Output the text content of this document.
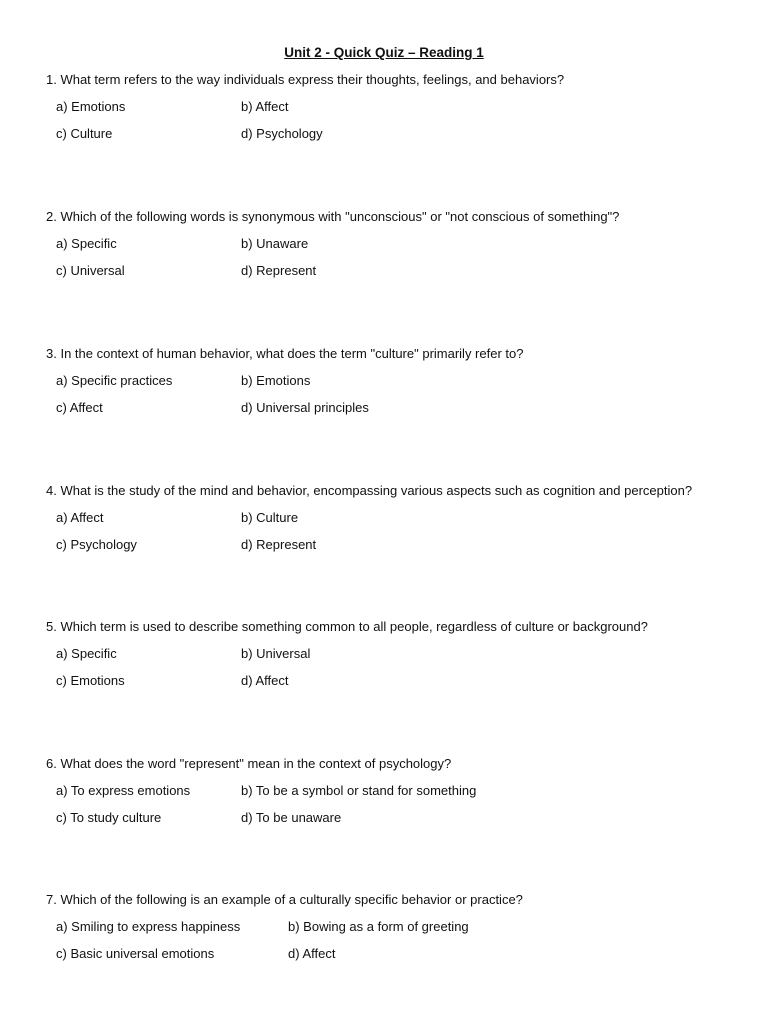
Unit 2 - Quick Quiz – Reading 1
1. What term refers to the way individuals express their thoughts, feelings, and behaviors?
a) Emotions	b) Affect
c) Culture	d) Psychology
2. Which of the following words is synonymous with "unconscious" or "not conscious of something"?
a) Specific	b) Unaware
c) Universal	d) Represent
3. In the context of human behavior, what does the term "culture" primarily refer to?
a) Specific practices	b) Emotions
c) Affect	d) Universal principles
4. What is the study of the mind and behavior, encompassing various aspects such as cognition and perception?
a) Affect	b) Culture
c) Psychology	d) Represent
5. Which term is used to describe something common to all people, regardless of culture or background?
a) Specific	b) Universal
c) Emotions	d) Affect
6. What does the word "represent" mean in the context of psychology?
a) To express emotions	b) To be a symbol or stand for something
c) To study culture	d) To be unaware
7. Which of the following is an example of a culturally specific behavior or practice?
a) Smiling to express happiness	b) Bowing as a form of greeting
c) Basic universal emotions	d) Affect
